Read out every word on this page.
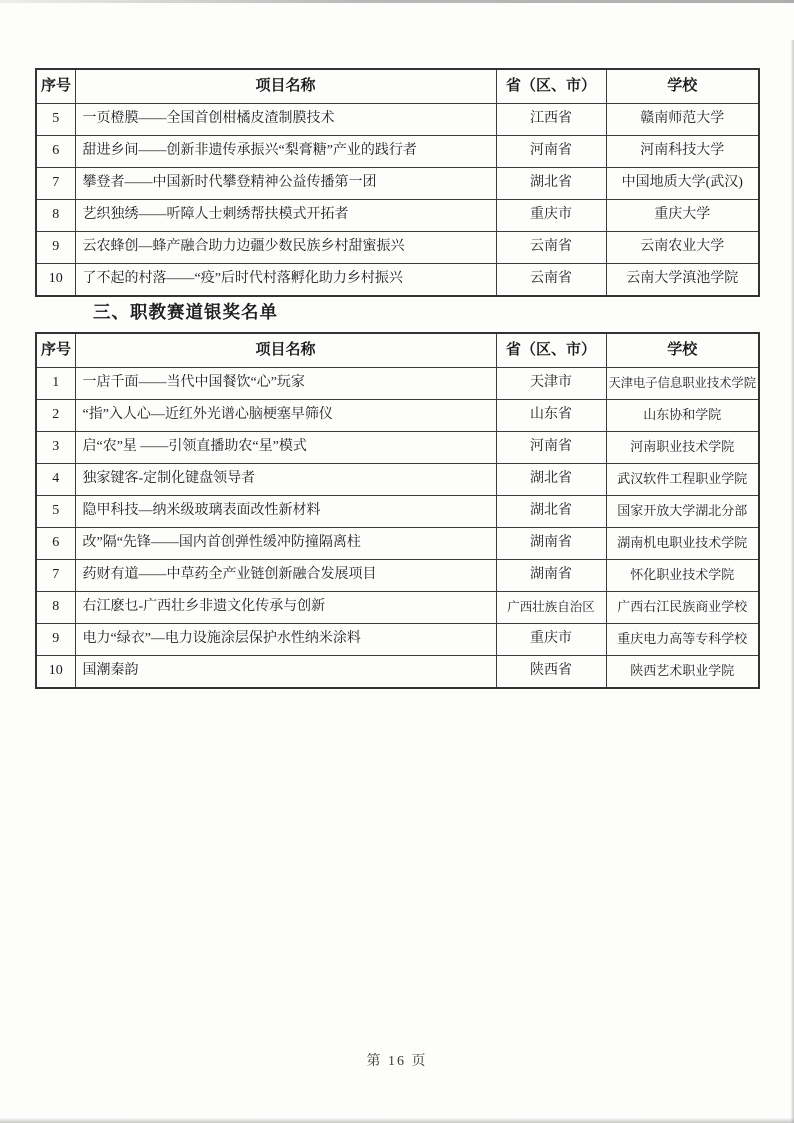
序号	项目名称	省（区、市）	学校
5	一页橙膜——全国首创柑橘皮渣制膜技术	江西省	赣南师范大学
6	甜进乡间——创新非遗传承振兴“梨膏糖”产业的践行者	河南省	河南科技大学
7	攀登者——中国新时代攀登精神公益传播第一团	湖北省	中国地质大学(武汉)
8	艺织独绣——听障人士刺绣帮扶模式开拓者	重庆市	重庆大学
9	云农蜂创—蜂产融合助力边疆少数民族乡村甜蜜振兴	云南省	云南农业大学
10	了不起的村落——“疫”后时代村落孵化助力乡村振兴	云南省	云南大学滇池学院
三、职教赛道银奖名单
序号	项目名称	省（区、市）	学校
1	一店千面——当代中国餐饮“心”玩家	天津市	天津电子信息职业技术学院
2	“指”入人心—近红外光谱心脑梗塞早筛仪	山东省	山东协和学院
3	启“农”星 ——引领直播助农“星”模式	河南省	河南职业技术学院
4	独家键客-定制化键盘领导者	湖北省	武汉软件工程职业学院
5	隐甲科技—纳米级玻璃表面改性新材料	湖北省	国家开放大学湖北分部
6	改”隔“先锋——国内首创弹性缓冲防撞隔离柱	湖南省	湖南机电职业技术学院
7	药财有道——中草药全产业链创新融合发展项目	湖南省	怀化职业技术学院
8	右江麽乜-广西壮乡非遗文化传承与创新	广西壮族自治区	广西右江民族商业学校
9	电力“绿衣”—电力设施涂层保护水性纳米涂料	重庆市	重庆电力高等专科学校
10	国潮秦韵	陕西省	陕西艺术职业学院
第 16 页
